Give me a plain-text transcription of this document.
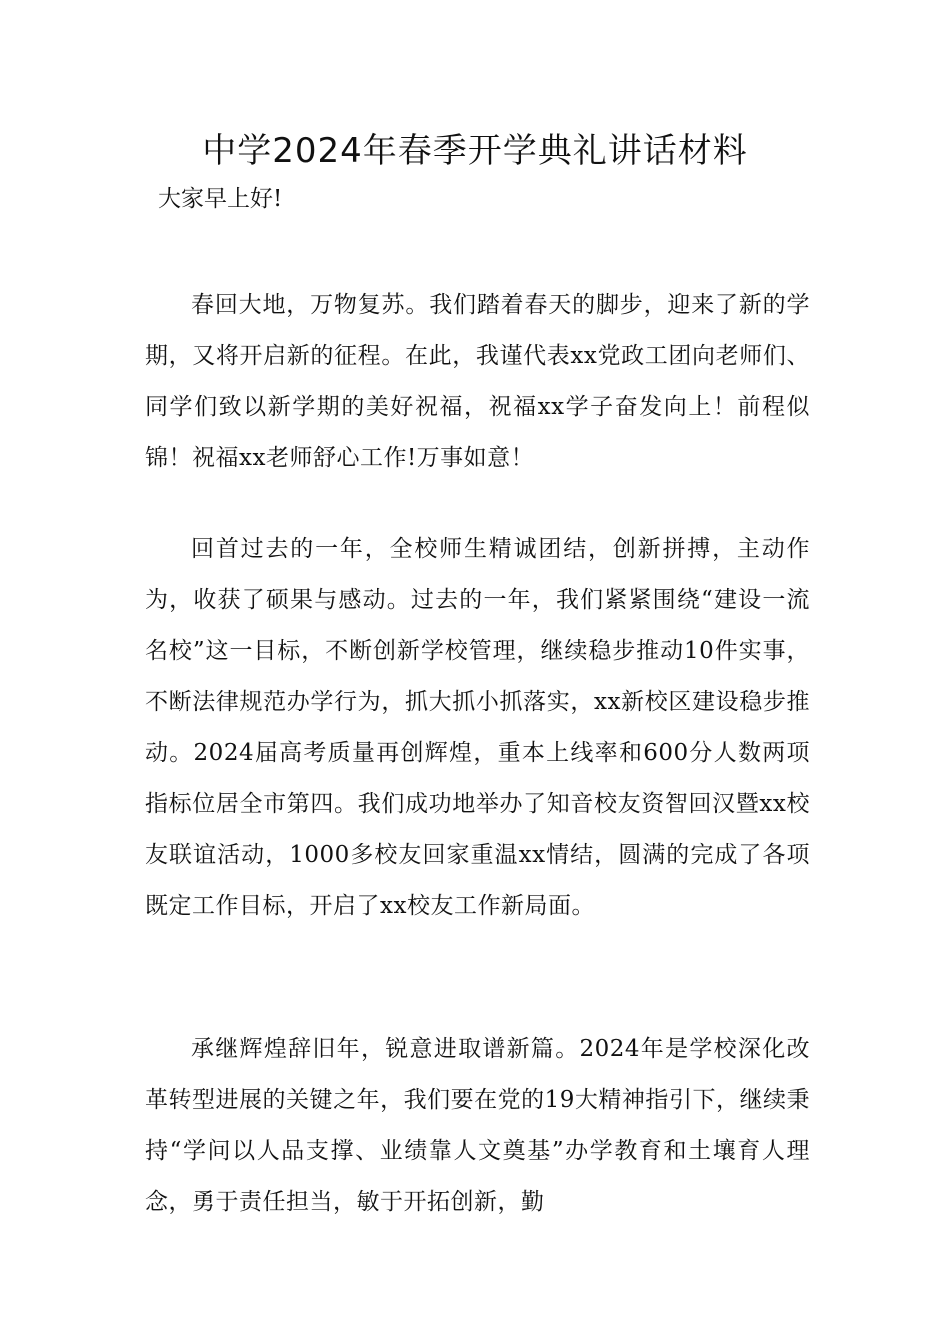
中学2024年春季开学典礼讲话材料
大家早上好!

春回大地，万物复苏。我们踏着春天的脚步，迎来了新的学期，又将开启新的征程。在此，我谨代表xx党政工团向老师们、同学们致以新学期的美好祝福，祝福xx学子奋发向上！前程似锦！祝福xx老师舒心工作!万事如意！

回首过去的一年，全校师生精诚团结，创新拼搏，主动作为，收获了硕果与感动。过去的一年，我们紧紧围绕“建设一流名校”这一目标，不断创新学校管理，继续稳步推动10件实事，不断法律规范办学行为，抓大抓小抓落实，xx新校区建设稳步推动。2024届高考质量再创辉煌，重本上线率和600分人数两项指标位居全市第四。我们成功地举办了知音校友资智回汉暨xx校友联谊活动，1000多校友回家重温xx情结，圆满的完成了各项既定工作目标，开启了xx校友工作新局面。

承继辉煌辞旧年，锐意进取谱新篇。2024年是学校深化改革转型进展的关键之年，我们要在党的19大精神指引下，继续秉持“学问以人品支撑、业绩靠人文奠基”办学教育和土壤育人理念，勇于责任担当，敏于开拓创新，勤
